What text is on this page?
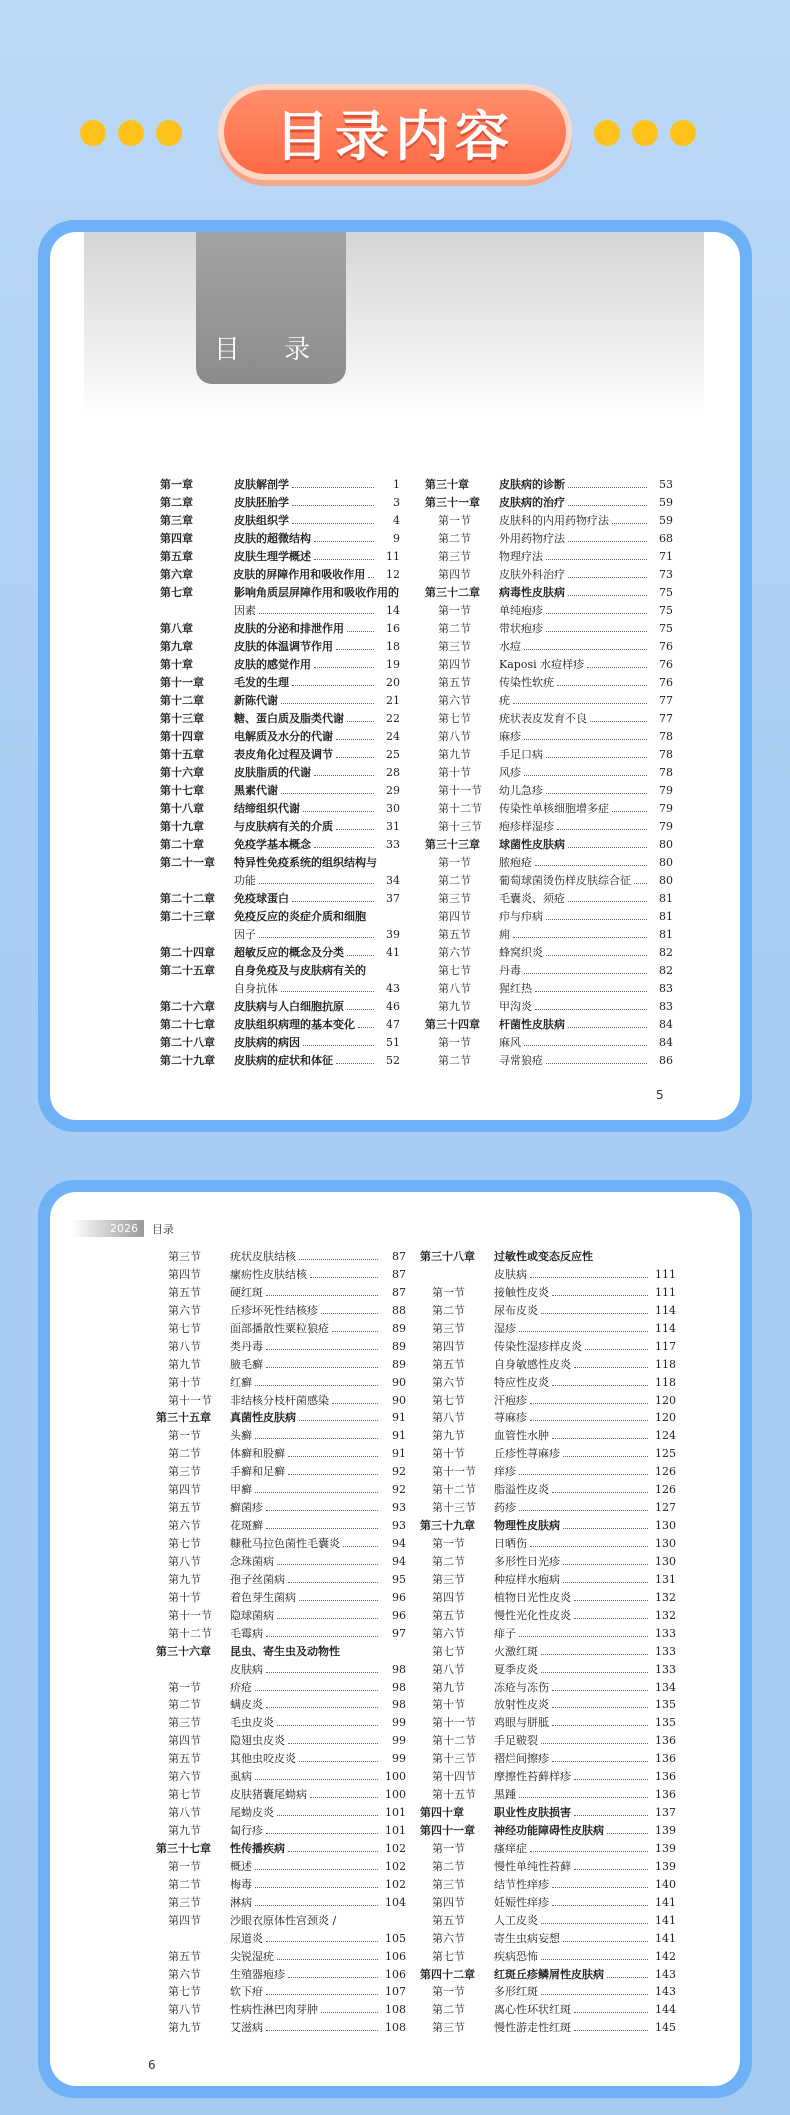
目录内容
目 录
第一章	皮肤解剖学	1
第二章	皮肤胚胎学	3
第三章	皮肤组织学	4
第四章	皮肤的超微结构	9
第五章	皮肤生理学概述	11
第六章	皮肤的屏障作用和吸收作用	12
第七章	影响角质层屏障作用和吸收作用的
因素	14
第八章	皮肤的分泌和排泄作用	16
第九章	皮肤的体温调节作用	18
第十章	皮肤的感觉作用	19
第十一章	毛发的生理	20
第十二章	新陈代谢	21
第十三章	糖、蛋白质及脂类代谢	22
第十四章	电解质及水分的代谢	24
第十五章	表皮角化过程及调节	25
第十六章	皮肤脂质的代谢	28
第十七章	黑素代谢	29
第十八章	结缔组织代谢	30
第十九章	与皮肤病有关的介质	31
第二十章	免疫学基本概念	33
第二十一章	特异性免疫系统的组织结构与
功能	34
第二十二章	免疫球蛋白	37
第二十三章	免疫反应的炎症介质和细胞
因子	39
第二十四章	超敏反应的概念及分类	41
第二十五章	自身免疫及与皮肤病有关的
自身抗体	43
第二十六章	皮肤病与人白细胞抗原	46
第二十七章	皮肤组织病理的基本变化	47
第二十八章	皮肤病的病因	51
第二十九章	皮肤病的症状和体征	52
第三十章	皮肤病的诊断	53
第三十一章	皮肤病的治疗	59
第一节	皮肤科的内用药物疗法	59
第二节	外用药物疗法	68
第三节	物理疗法	71
第四节	皮肤外科治疗	73
第三十二章	病毒性皮肤病	75
第一节	单纯疱疹	75
第二节	带状疱疹	75
第三节	水痘	76
第四节	Kaposi 水痘样疹	76
第五节	传染性软疣	76
第六节	疣	77
第七节	疣状表皮发育不良	77
第八节	麻疹	78
第九节	手足口病	78
第十节	风疹	78
第十一节	幼儿急疹	79
第十二节	传染性单核细胞增多症	79
第十三节	疱疹样湿疹	79
第三十三章	球菌性皮肤病	80
第一节	脓疱疮	80
第二节	葡萄球菌烫伤样皮肤综合征	80
第三节	毛囊炎、须疮	81
第四节	疖与疖病	81
第五节	痈	81
第六节	蜂窝织炎	82
第七节	丹毒	82
第八节	猩红热	83
第九节	甲沟炎	83
第三十四章	杆菌性皮肤病	84
第一节	麻风	84
第二节	寻常狼疮	86
5
2026	目录
第三节	疣状皮肤结核	87
第四节	瘰疬性皮肤结核	87
第五节	硬红斑	87
第六节	丘疹坏死性结核疹	88
第七节	面部播散性粟粒狼疮	89
第八节	类丹毒	89
第九节	腋毛癣	89
第十节	红癣	90
第十一节	非结核分枝杆菌感染	90
第三十五章	真菌性皮肤病	91
第一节	头癣	91
第二节	体癣和股癣	91
第三节	手癣和足癣	92
第四节	甲癣	92
第五节	癣菌疹	93
第六节	花斑癣	93
第七节	糠秕马拉色菌性毛囊炎	94
第八节	念珠菌病	94
第九节	孢子丝菌病	95
第十节	着色芽生菌病	96
第十一节	隐球菌病	96
第十二节	毛霉病	97
第三十六章	昆虫、寄生虫及动物性
皮肤病	98
第一节	疥疮	98
第二节	螨皮炎	98
第三节	毛虫皮炎	99
第四节	隐翅虫皮炎	99
第五节	其他虫咬皮炎	99
第六节	虱病	100
第七节	皮肤猪囊尾蚴病	100
第八节	尾蚴皮炎	101
第九节	匐行疹	101
第三十七章	性传播疾病	102
第一节	概述	102
第二节	梅毒	102
第三节	淋病	104
第四节	沙眼衣原体性宫颈炎 /
尿道炎	105
第五节	尖锐湿疣	106
第六节	生殖器疱疹	106
第七节	软下疳	107
第八节	性病性淋巴肉芽肿	108
第九节	艾滋病	108
第三十八章	过敏性或变态反应性
皮肤病	111
第一节	接触性皮炎	111
第二节	尿布皮炎	114
第三节	湿疹	114
第四节	传染性湿疹样皮炎	117
第五节	自身敏感性皮炎	118
第六节	特应性皮炎	118
第七节	汗疱疹	120
第八节	荨麻疹	120
第九节	血管性水肿	124
第十节	丘疹性荨麻疹	125
第十一节	痒疹	126
第十二节	脂溢性皮炎	126
第十三节	药疹	127
第三十九章	物理性皮肤病	130
第一节	日晒伤	130
第二节	多形性日光疹	130
第三节	种痘样水疱病	131
第四节	植物日光性皮炎	132
第五节	慢性光化性皮炎	132
第六节	痱子	133
第七节	火激红斑	133
第八节	夏季皮炎	133
第九节	冻疮与冻伤	134
第十节	放射性皮炎	135
第十一节	鸡眼与胼胝	135
第十二节	手足皲裂	136
第十三节	褶烂间擦疹	136
第十四节	摩擦性苔藓样疹	136
第十五节	黑踵	136
第四十章	职业性皮肤损害	137
第四十一章	神经功能障碍性皮肤病	139
第一节	瘙痒症	139
第二节	慢性单纯性苔藓	139
第三节	结节性痒疹	140
第四节	妊娠性痒疹	141
第五节	人工皮炎	141
第六节	寄生虫病妄想	141
第七节	疾病恐怖	142
第四十二章	红斑丘疹鳞屑性皮肤病	143
第一节	多形红斑	143
第二节	离心性环状红斑	144
第三节	慢性游走性红斑	145
6
